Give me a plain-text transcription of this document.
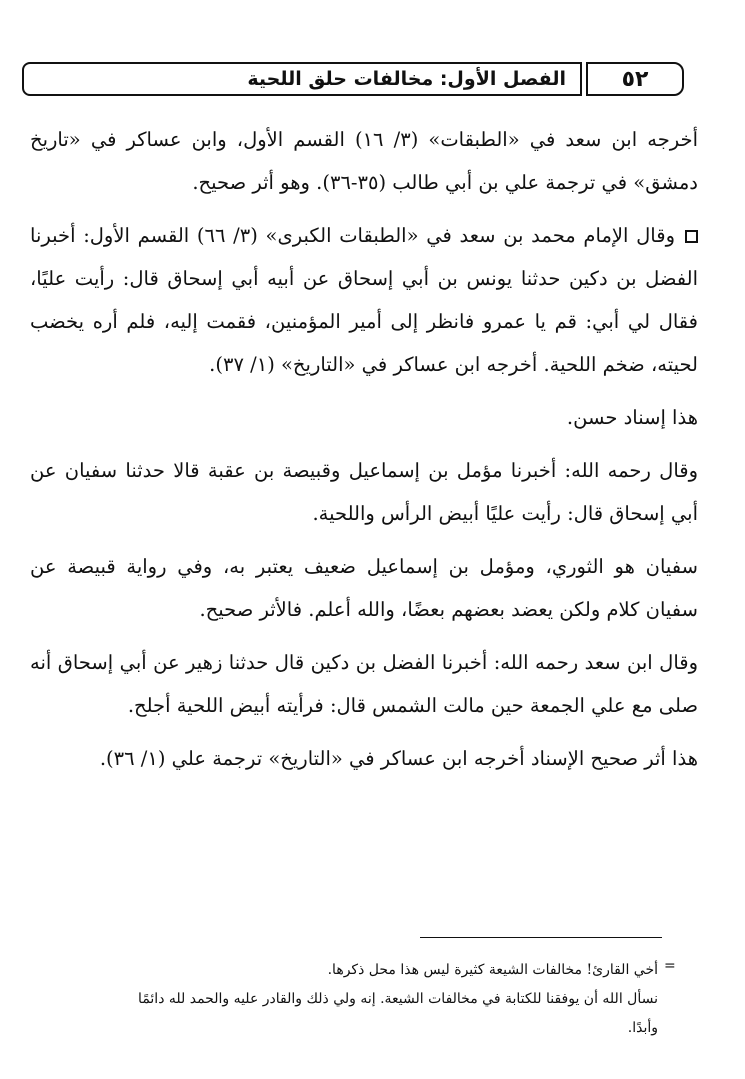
٥٢
الفصل الأول: مخالفات حلق اللحية

أخرجه ابن سعد في «الطبقات» (٣/ ١٦) القسم الأول، وابن عساكر في «تاريخ دمشق» في ترجمة علي بن أبي طالب (٣٥-٣٦). وهو أثر صحيح.

وقال الإمام محمد بن سعد في «الطبقات الكبرى» (٣/ ٦٦) القسم الأول: أخبرنا الفضل بن دكين حدثنا يونس بن أبي إسحاق عن أبيه أبي إسحاق قال: رأيت عليًا، فقال لي أبي: قم يا عمرو فانظر إلى أمير المؤمنين، فقمت إليه، فلم أره يخضب لحيته، ضخم اللحية. أخرجه ابن عساكر في «التاريخ» (١/ ٣٧).

هذا إسناد حسن.

وقال رحمه الله: أخبرنا مؤمل بن إسماعيل وقبيصة بن عقبة قالا حدثنا سفيان عن أبي إسحاق قال: رأيت عليًا أبيض الرأس واللحية.

سفيان هو الثوري، ومؤمل بن إسماعيل ضعيف يعتبر به، وفي رواية قبيصة عن سفيان كلام ولكن يعضد بعضهم بعضًا، والله أعلم. فالأثر صحيح.

وقال ابن سعد رحمه الله: أخبرنا الفضل بن دكين قال حدثنا زهير عن أبي إسحاق أنه صلى مع علي الجمعة حين مالت الشمس قال: فرأيته أبيض اللحية أجلح.

هذا أثر صحيح الإسناد أخرجه ابن عساكر في «التاريخ» ترجمة علي (١/ ٣٦).

=

أخي القارئ! مخالفات الشيعة كثيرة ليس هذا محل ذكرها.

نسأل الله أن يوفقنا للكتابة في مخالفات الشيعة. إنه ولي ذلك والقادر عليه والحمد لله دائمًا وأبدًا.
